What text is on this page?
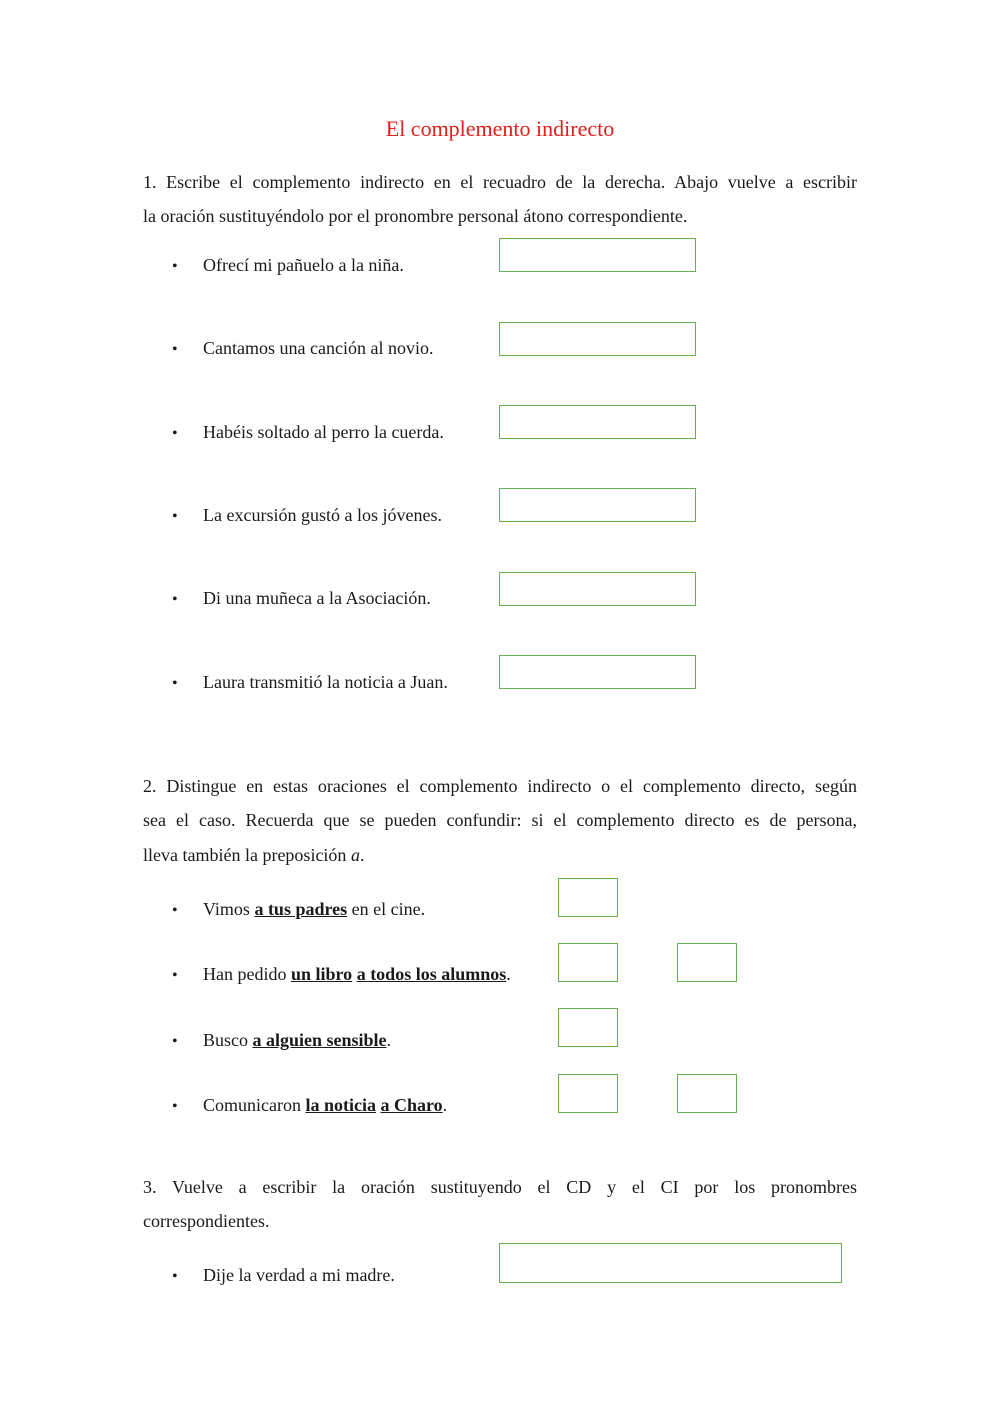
El complemento indirecto

1. Escribe el complemento indirecto en el recuadro de la derecha. Abajo vuelve a escribir

la oración sustituyéndolo por el pronombre personal átono correspondiente.

• Ofrecí mi pañuelo a la niña.
• Cantamos una canción al novio.
• Habéis soltado al perro la cuerda.
• La excursión gustó a los jóvenes.
• Di una muñeca a la Asociación.
• Laura transmitió la noticia a Juan.

2. Distingue en estas oraciones el complemento indirecto o el complemento directo, según

sea el caso. Recuerda que se pueden confundir: si el complemento directo es de persona,

lleva también la preposición a.

• Vimos a tus padres en el cine.
• Han pedido un libro a todos los alumnos.
• Busco a alguien sensible.
• Comunicaron la noticia a Charo.

3. Vuelve a escribir la oración sustituyendo el CD y el CI por los pronombres

correspondientes.

• Dije la verdad a mi madre.
